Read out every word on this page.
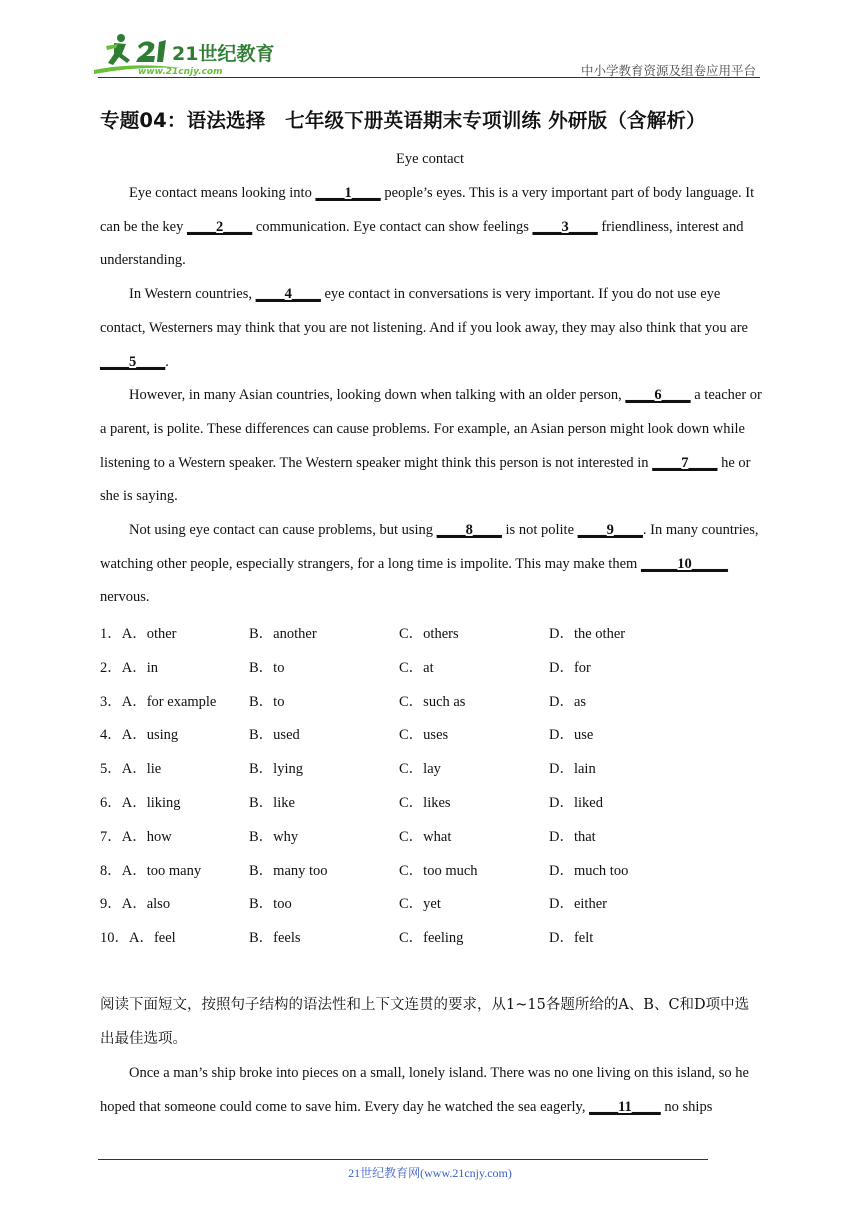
21世纪教育
www.21cnjy.com	中小学教育资源及组卷应用平台
专题04：语法选择　七年级下册英语期末专项训练 外研版（含解析）
Eye contact

Eye contact means looking into ____1____ people’s eyes. This is a very important part of body language. It can be the key ____2____ communication. Eye contact can show feelings ____3____ friendliness, interest and understanding.

In Western countries, ____4____ eye contact in conversations is very important. If you do not use eye contact, Westerners may think that you are not listening. And if you look away, they may also think that you are ____5____.

However, in many Asian countries, looking down when talking with an older person, ____6____ a teacher or a parent, is polite. These differences can cause problems. For example, an Asian person might look down while listening to a Western speaker. The Western speaker might think this person is not interested in ____7____ he or she is saying.

Not using eye contact can cause problems, but using ____8____ is not polite ____9____. In many countries, watching other people, especially strangers, for a long time is impolite. This may make them _____10_____ nervous.

1．A．other	B．another	C．others	D．the other
2．A．in	B．to	C．at	D．for
3．A．for example B．to	C．such as	D．as
4．A．using	B．used	C．uses	D．use
5．A．lie	B．lying	C．lay	D．lain
6．A．liking	B．like	C．likes	D．liked
7．A．how	B．why	C．what	D．that
8．A．too many	B．many too	C．too much	D．much too
9．A．also	B．too	C．yet	D．either
10．A．feel	B．feels	C．feeling	D．felt
阅读下面短文，按照句子结构的语法性和上下文连贯的要求，从1~15各题所给的A、B、C和D项中选出最佳选项。

Once a man’s ship broke into pieces on a small, lonely island. There was no one living on this island, so he hoped that someone could come to save him. Every day he watched the sea eagerly, ____11____ no ships

21世纪教育网(www.21cnjy.com)
